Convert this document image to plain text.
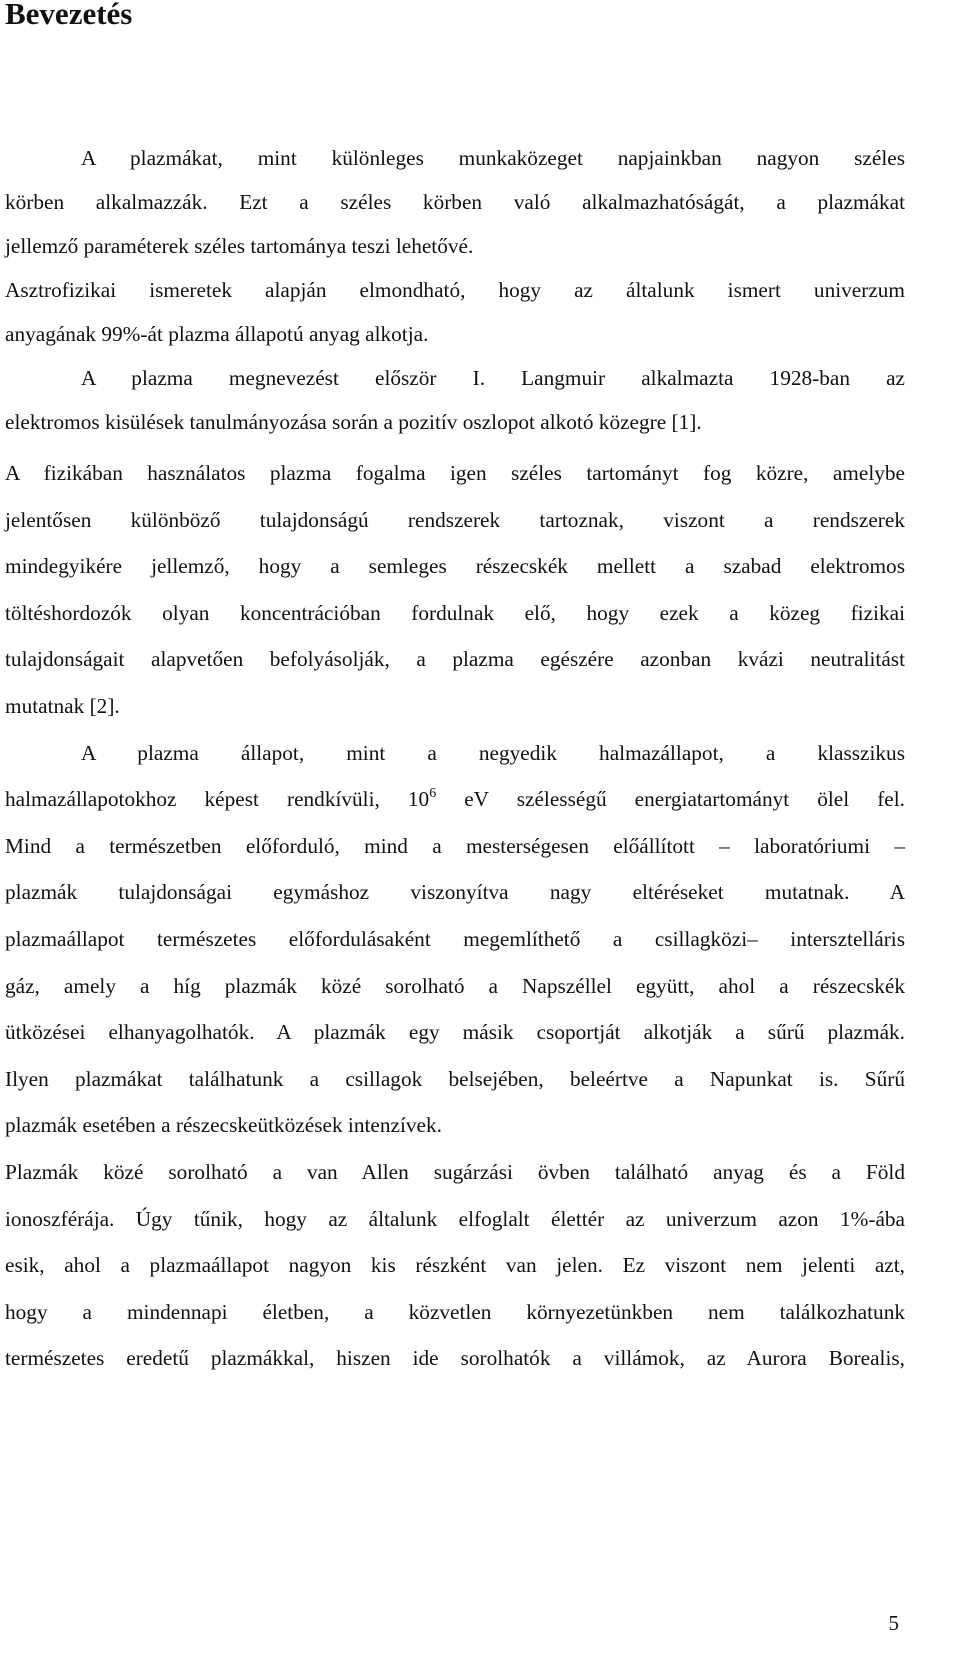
Bevezetés
A plazmákat, mint különleges munkaközeget napjainkban nagyon széles
körben alkalmazzák. Ezt a széles körben való alkalmazhatóságát, a plazmákat
jellemző paraméterek széles tartománya teszi lehetővé.
Asztrofizikai ismeretek alapján elmondható, hogy az általunk ismert univerzum
anyagának 99%-át plazma állapotú anyag alkotja.
A plazma megnevezést először I. Langmuir alkalmazta 1928-ban az
elektromos kisülések tanulmányozása során a pozitív oszlopot alkotó közegre [1].
A fizikában használatos plazma fogalma igen széles tartományt fog közre, amelybe
jelentősen különböző tulajdonságú rendszerek tartoznak, viszont a rendszerek
mindegyikére jellemző, hogy a semleges részecskék mellett a szabad elektromos
töltéshordozók olyan koncentrációban fordulnak elő, hogy ezek a közeg fizikai
tulajdonságait alapvetően befolyásolják, a plazma egészére azonban kvázi neutralitást
mutatnak [2].
A plazma állapot, mint a negyedik halmazállapot, a klasszikus
halmazállapotokhoz képest rendkívüli, $10^6$ eV szélességű energiatartományt ölel fel.
Mind a természetben előforduló, mind a mesterségesen előállított – laboratóriumi –
plazmák tulajdonságai egymáshoz viszonyítva nagy eltéréseket mutatnak. A
plazmaállapot természetes előfordulásaként megemlíthető a csillagközi– intersztelláris
gáz, amely a híg plazmák közé sorolható a Napszéllel együtt, ahol a részecskék
ütközései elhanyagolhatók. A plazmák egy másik csoportját alkotják a sűrű plazmák.
Ilyen plazmákat találhatunk a csillagok belsejében, beleértve a Napunkat is. Sűrű
plazmák esetében a részecskeütközések intenzívek.
Plazmák közé sorolható a van Allen sugárzási övben található anyag és a Föld
ionoszférája. Úgy tűnik, hogy az általunk elfoglalt élettér az univerzum azon 1%-ába
esik, ahol a plazmaállapot nagyon kis részként van jelen. Ez viszont nem jelenti azt,
hogy a mindennapi életben, a közvetlen környezetünkben nem találkozhatunk
természetes eredetű plazmákkal, hiszen ide sorolhatók a villámok, az Aurora Borealis,
5
